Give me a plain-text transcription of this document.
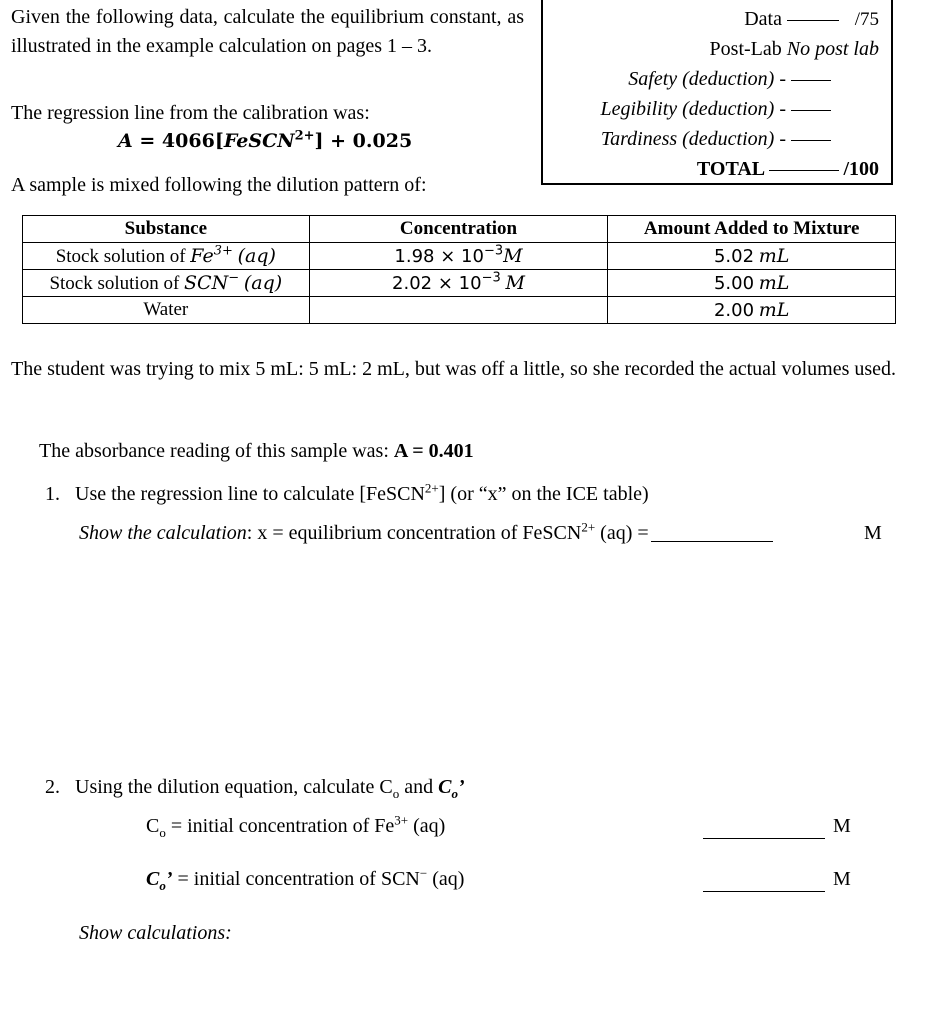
Given the following data, calculate the equilibrium constant, as illustrated in the example calculation on pages 1 – 3.
The regression line from the calibration was:
A = 4066[FeSCN$^{2+}$] + 0.025
A sample is mixed following the dilution pattern of:
Data	/75
Post-Lab No post lab
Safety (deduction) -
Legibility (deduction) -
Tardiness (deduction) -
TOTAL	/100
Substance	Concentration	Amount Added to Mixture
Stock solution of $Fe^{3+}$ (aq)	$1.98 \times 10^{-3}M$	5.02 mL
Stock solution of SCN− (aq)	$2.02 \times 10^{-3}$ M	5.00 mL
Water		2.00 mL
The student was trying to mix 5 mL: 5 mL: 2 mL, but was off a little, so she recorded the actual volumes used.
The absorbance reading of this sample was: A = 0.401
1. Use the regression line to calculate [FeSCN$^{2+}$] (or “x” on the ICE table)
Show the calculation: x = equilibrium concentration of FeSCN$^{2+}$ (aq) =	M
2. Using the dilution equation, calculate $C_o$ and $C_o$’
$C_o$ = initial concentration of $Fe^{3+}$ (aq)	M
$C_o$’ = initial concentration of SCN− (aq)	M
Show calculations:
